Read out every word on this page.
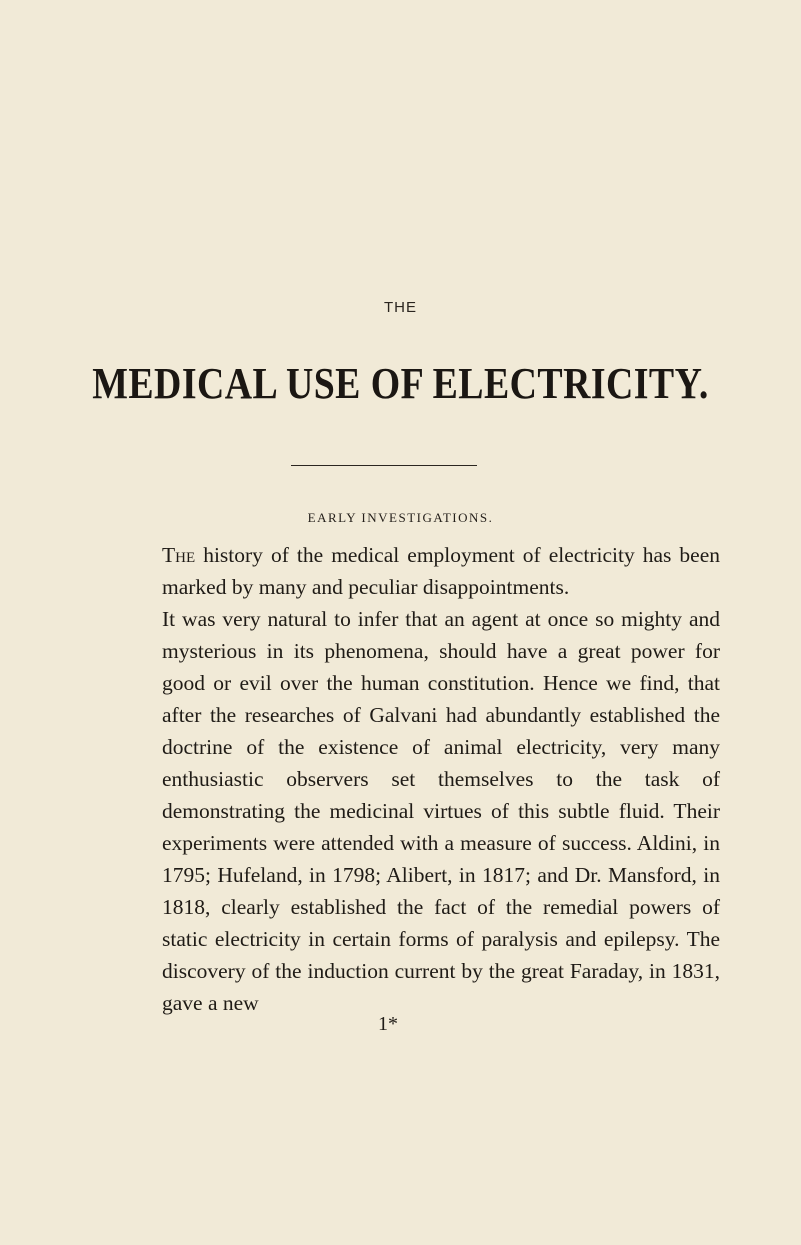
THE
MEDICAL USE OF ELECTRICITY.
EARLY INVESTIGATIONS.

The history of the medical employment of electricity has been marked by many and peculiar disappointments.

It was very natural to infer that an agent at once so mighty and mysterious in its phenomena, should have a great power for good or evil over the human constitution. Hence we find, that after the researches of Galvani had abundantly established the doctrine of the existence of animal electricity, very many enthusiastic observers set themselves to the task of demonstrating the medicinal virtues of this subtle fluid. Their experiments were attended with a measure of success. Aldini, in 1795; Hufeland, in 1798; Alibert, in 1817; and Dr. Mansford, in 1818, clearly established the fact of the remedial powers of static electricity in certain forms of paralysis and epilepsy. The discovery of the induction current by the great Faraday, in 1831, gave a new

1*
